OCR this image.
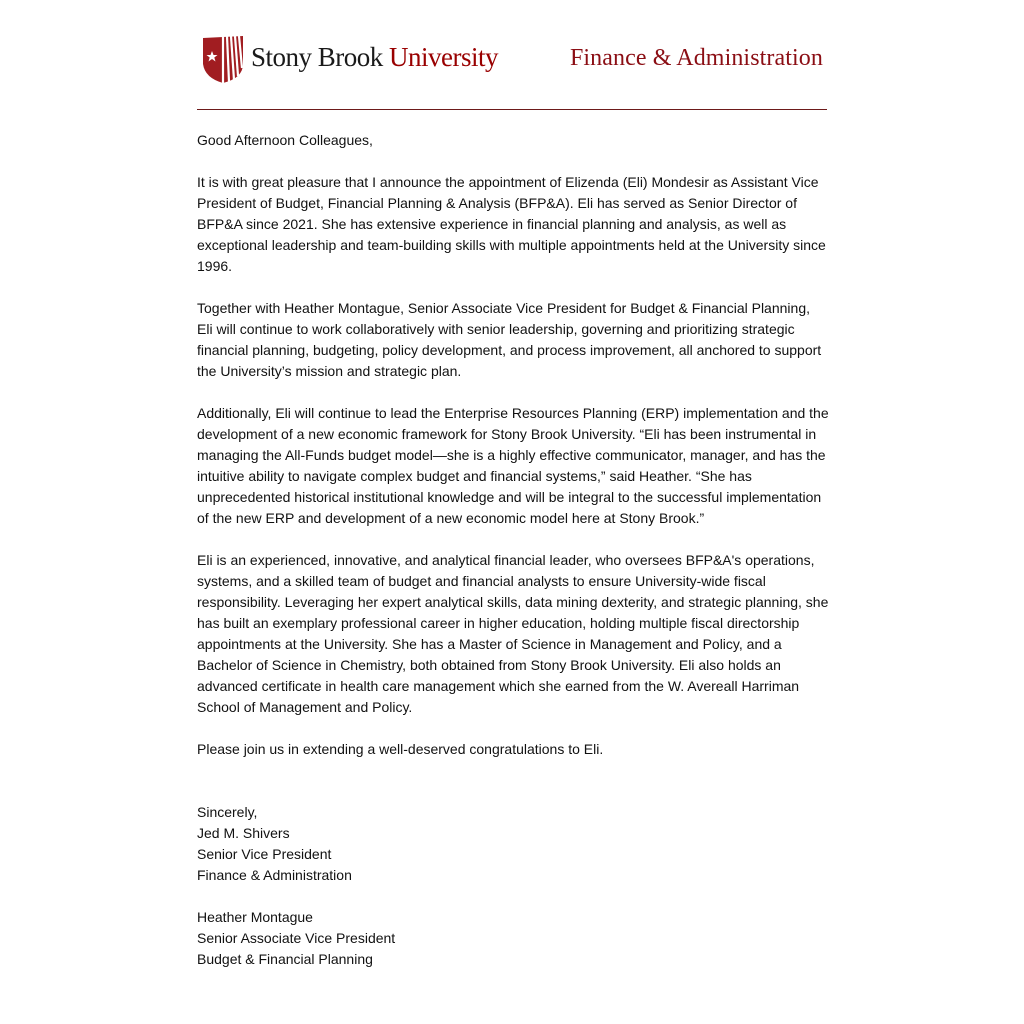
Stony Brook University	Finance & Administration

Good Afternoon Colleagues,

It is with great pleasure that I announce the appointment of Elizenda (Eli) Mondesir as Assistant Vice President of Budget, Financial Planning & Analysis (BFP&A). Eli has served as Senior Director of BFP&A since 2021. She has extensive experience in financial planning and analysis, as well as exceptional leadership and team-building skills with multiple appointments held at the University since 1996.

Together with Heather Montague, Senior Associate Vice President for Budget & Financial Planning, Eli will continue to work collaboratively with senior leadership, governing and prioritizing strategic financial planning, budgeting, policy development, and process improvement, all anchored to support the University’s mission and strategic plan.

Additionally, Eli will continue to lead the Enterprise Resources Planning (ERP) implementation and the development of a new economic framework for Stony Brook University. “Eli has been instrumental in managing the All-Funds budget model—she is a highly effective communicator, manager, and has the intuitive ability to navigate complex budget and financial systems,” said Heather. “She has unprecedented historical institutional knowledge and will be integral to the successful implementation of the new ERP and development of a new economic model here at Stony Brook.”

Eli is an experienced, innovative, and analytical financial leader, who oversees BFP&A's operations, systems, and a skilled team of budget and financial analysts to ensure University-wide fiscal responsibility. Leveraging her expert analytical skills, data mining dexterity, and strategic planning, she has built an exemplary professional career in higher education, holding multiple fiscal directorship appointments at the University. She has a Master of Science in Management and Policy, and a Bachelor of Science in Chemistry, both obtained from Stony Brook University. Eli also holds an advanced certificate in health care management which she earned from the W. Avereall Harriman School of Management and Policy.

Please join us in extending a well-deserved congratulations to Eli.

Sincerely,
Jed M. Shivers
Senior Vice President
Finance & Administration
Heather Montague
Senior Associate Vice President
Budget & Financial Planning
